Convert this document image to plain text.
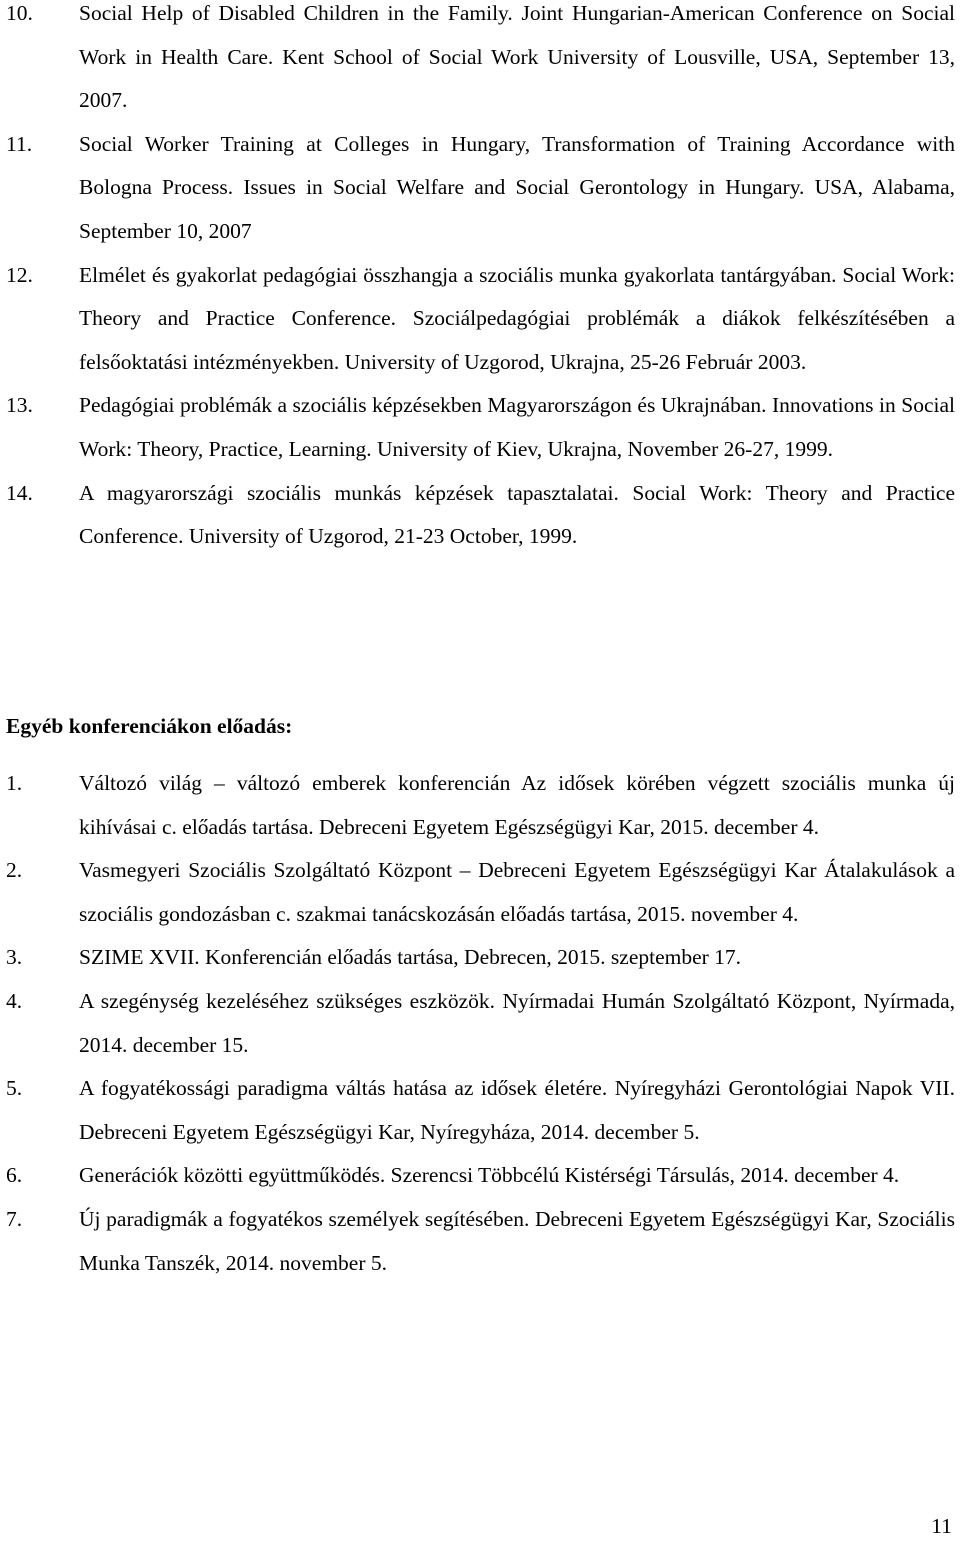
10. Social Help of Disabled Children in the Family. Joint Hungarian-American Conference on Social Work in Health Care. Kent School of Social Work University of Lousville, USA, September 13, 2007.
11. Social Worker Training at Colleges in Hungary, Transformation of Training Accordance with Bologna Process. Issues in Social Welfare and Social Gerontology in Hungary. USA, Alabama, September 10, 2007
12. Elmélet és gyakorlat pedagógiai összhangja a szociális munka gyakorlata tantárgyában. Social Work: Theory and Practice Conference. Szociálpedagógiai problémák a diákok felkészítésében a felsőoktatási intézményekben. University of Uzgorod, Ukrajna, 25-26 Február 2003.
13. Pedagógiai problémák a szociális képzésekben Magyarországon és Ukrajnában. Innovations in Social Work: Theory, Practice, Learning. University of Kiev, Ukrajna, November 26-27, 1999.
14. A magyarországi szociális munkás képzések tapasztalatai. Social Work: Theory and Practice Conference. University of Uzgorod, 21-23 October, 1999.
Egyéb konferenciákon előadás:
1.	Változó világ – változó emberek konferencián Az idősek körében végzett szociális munka új kihívásai c. előadás tartása. Debreceni Egyetem Egészségügyi Kar, 2015. december 4.
2.	Vasmegyeri Szociális Szolgáltató Központ – Debreceni Egyetem Egészségügyi Kar Átalakulások a szociális gondozásban c. szakmai tanácskozásán előadás tartása, 2015. november 4.
3.	SZIME XVII. Konferencián előadás tartása, Debrecen, 2015. szeptember 17.
4.	A szegénység kezeléséhez szükséges eszközök. Nyírmadai Humán Szolgáltató Központ, Nyírmada, 2014. december 15.
5.	A fogyatékossági paradigma váltás hatása az idősek életére. Nyíregyházi Gerontológiai Napok VII. Debreceni Egyetem Egészségügyi Kar, Nyíregyháza, 2014. december 5.
6.	Generációk közötti együttműködés. Szerencsi Többcélú Kistérségi Társulás, 2014. december 4.
7.	Új paradigmák a fogyatékos személyek segítésében. Debreceni Egyetem Egészségügyi Kar, Szociális Munka Tanszék, 2014. november 5.
11
